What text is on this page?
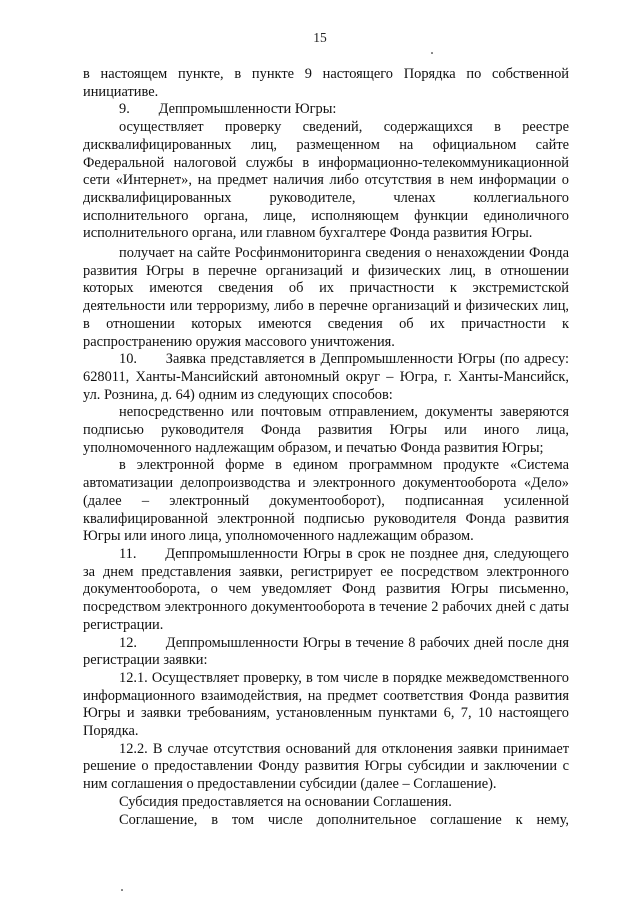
15

в настоящем пункте, в пункте 9 настоящего Порядка по собственной инициативе.

9.  Деппромышленности Югры:

осуществляет проверку сведений, содержащихся в реестре дисквалифицированных лиц, размещенном на официальном сайте Федеральной налоговой службы в информационно-телекоммуникационной сети «Интернет», на предмет наличия либо отсутствия в нем информации о дисквалифицированных руководителе, членах коллегиального исполнительного органа, лице, исполняющем функции единоличного исполнительного органа, или главном бухгалтере Фонда развития Югры.

получает на сайте Росфинмониторинга сведения о ненахождении Фонда развития Югры в перечне организаций и физических лиц, в отношении которых имеются сведения об их причастности к экстремистской деятельности или терроризму, либо в перечне организаций и физических лиц, в отношении которых имеются сведения об их причастности к распространению оружия массового уничтожения.

10.  Заявка представляется в Деппромышленности Югры (по адресу: 628011, Ханты-Мансийский автономный округ – Югра, г. Ханты-Мансийск, ул. Рознина, д. 64) одним из следующих способов:

непосредственно или почтовым отправлением, документы заверяются подписью руководителя Фонда развития Югры или иного лица, уполномоченного надлежащим образом, и печатью Фонда развития Югры;

в электронной форме в едином программном продукте «Система автоматизации делопроизводства и электронного документооборота «Дело» (далее – электронный документооборот), подписанная усиленной квалифицированной электронной подписью руководителя Фонда развития Югры или иного лица, уполномоченного надлежащим образом.

11.  Деппромышленности Югры в срок не позднее дня, следующего за днем представления заявки, регистрирует ее посредством электронного документооборота, о чем уведомляет Фонд развития Югры письменно, посредством электронного документооборота в течение 2 рабочих дней с даты регистрации.

12.  Деппромышленности Югры в течение 8 рабочих дней после дня регистрации заявки:

12.1. Осуществляет проверку, в том числе в порядке межведомственного информационного взаимодействия, на предмет соответствия Фонда развития Югры и заявки требованиям, установленным пунктами 6, 7, 10 настоящего Порядка.

12.2. В случае отсутствия оснований для отклонения заявки принимает решение о предоставлении Фонду развития Югры субсидии и заключении с ним соглашения о предоставлении субсидии (далее – Соглашение).

Субсидия предоставляется на основании Соглашения.

Соглашение, в том числе дополнительное соглашение к нему,
